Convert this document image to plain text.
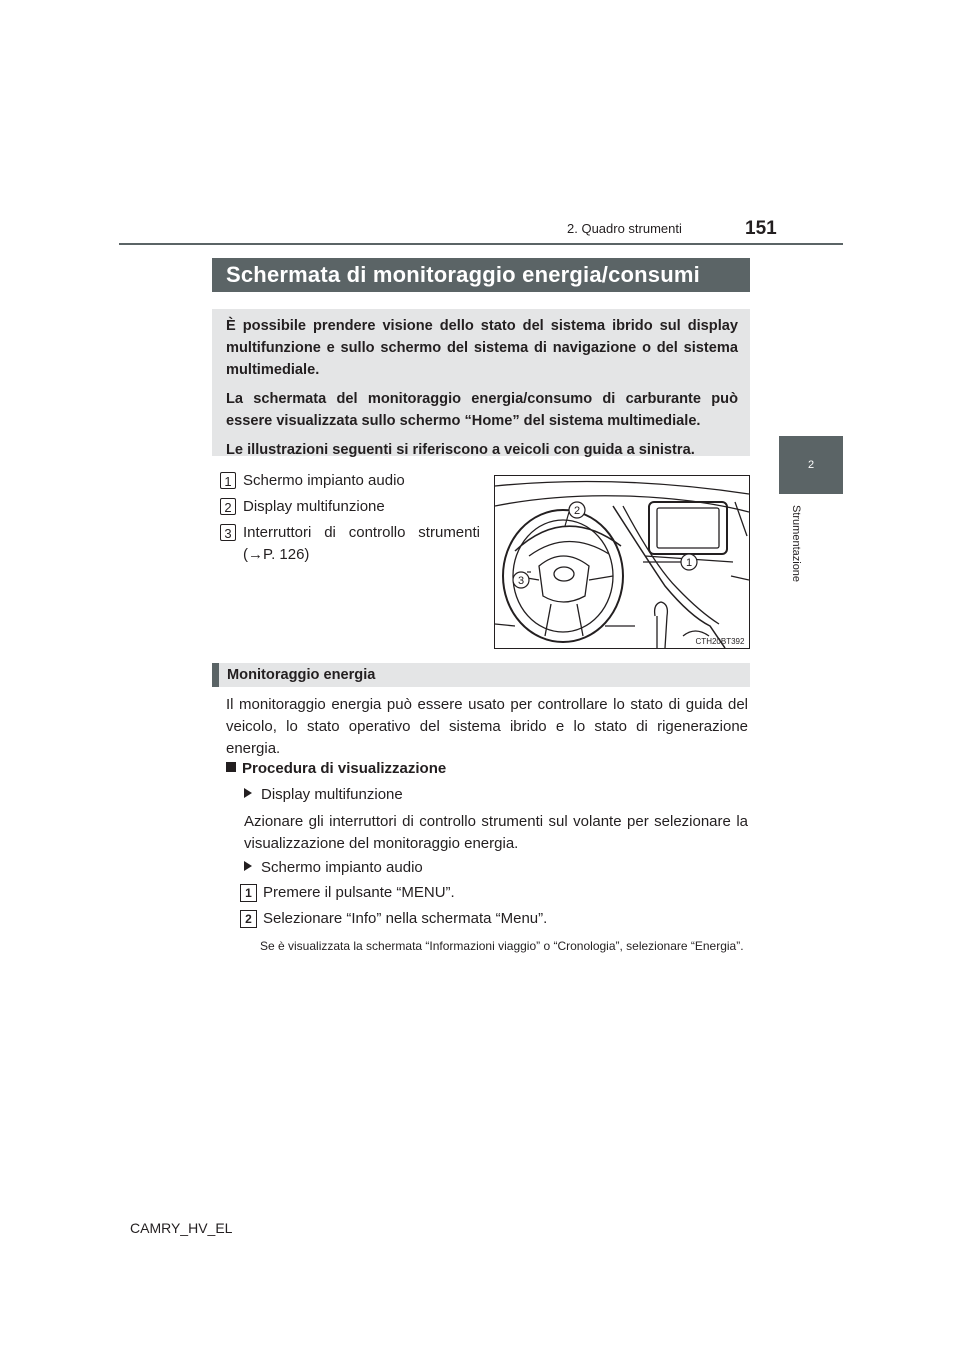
151
2. Quadro strumenti
2
Strumentazione
Schermata di monitoraggio energia/consumi

È possibile prendere visione dello stato del sistema ibrido sul display multifunzione e sullo schermo del sistema di navigazione o del sistema multimediale.

La schermata del monitoraggio energia/consumo di carburante può essere visualizzata sullo schermo “Home” del sistema multimediale.

Le illustrazioni seguenti si riferiscono a veicoli con guida a sinistra.

1 Schermo impianto audio
2 Display multifunzione
3 Interruttori di controllo strumenti (→P. 126)	1
2
3
CTH20BT392
Monitoraggio energia
Il monitoraggio energia può essere usato per controllare lo stato di guida del veicolo, lo stato operativo del sistema ibrido e lo stato di rigenerazione energia.
Procedura di visualizzazione
Display multifunzione
Azionare gli interruttori di controllo strumenti sul volante per selezionare la visualizzazione del monitoraggio energia.
Schermo impianto audio
1 Premere il pulsante “MENU”.
2 Selezionare “Info” nella schermata “Menu”.
Se è visualizzata la schermata “Informazioni viaggio” o “Cronologia”, selezionare “Energia”.
CAMRY_HV_EL
